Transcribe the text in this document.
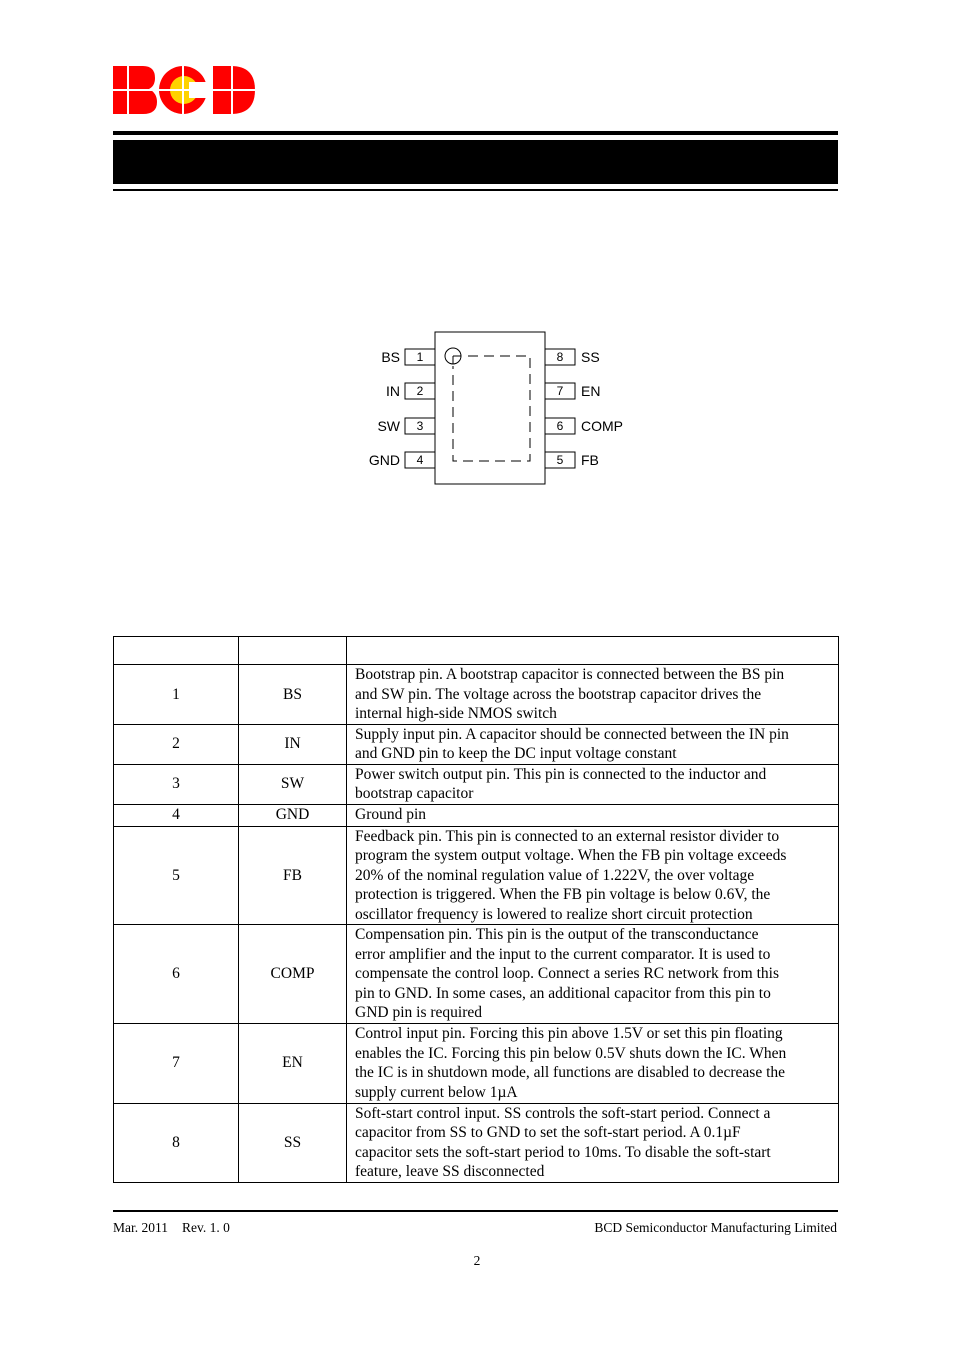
1
BS
2
IN
3
SW
4
GND
8 SS
7 EN
6 COMP
5 FB

1	BS	Bootstrap pin. A bootstrap capacitor is connected between the BS pin
and SW pin. The voltage across the bootstrap capacitor drives the
internal high-side NMOS switch

2	IN	Supply input pin. A capacitor should be connected between the IN pin
and GND pin to keep the DC input voltage constant

3	SW	Power switch output pin. This pin is connected to the inductor and
bootstrap capacitor

4	GND	Ground pin

5	FB	Feedback pin. This pin is connected to an external resistor divider to
program the system output voltage. When the FB pin voltage exceeds
20% of the nominal regulation value of 1.222V, the over voltage
protection is triggered. When the FB pin voltage is below 0.6V, the
oscillator frequency is lowered to realize short circuit protection

6	COMP	Compensation pin. This pin is the output of the transconductance
error amplifier and the input to the current comparator. It is used to
compensate the control loop. Connect a series RC network from this
pin to GND. In some cases, an additional capacitor from this pin to
GND pin is required

7	EN	Control input pin. Forcing this pin above 1.5V or set this pin floating
enables the IC. Forcing this pin below 0.5V shuts down the IC. When
the IC is in shutdown mode, all functions are disabled to decrease the
supply current below 1µA

8	SS	Soft-start control input. SS controls the soft-start period. Connect a
capacitor from SS to GND to set the soft-start period. A 0.1µF
capacitor sets the soft-start period to 10ms. To disable the soft-start
feature, leave SS disconnected
Mar. 2011 Rev. 1. 0	BCD Semiconductor Manufacturing Limited
2
